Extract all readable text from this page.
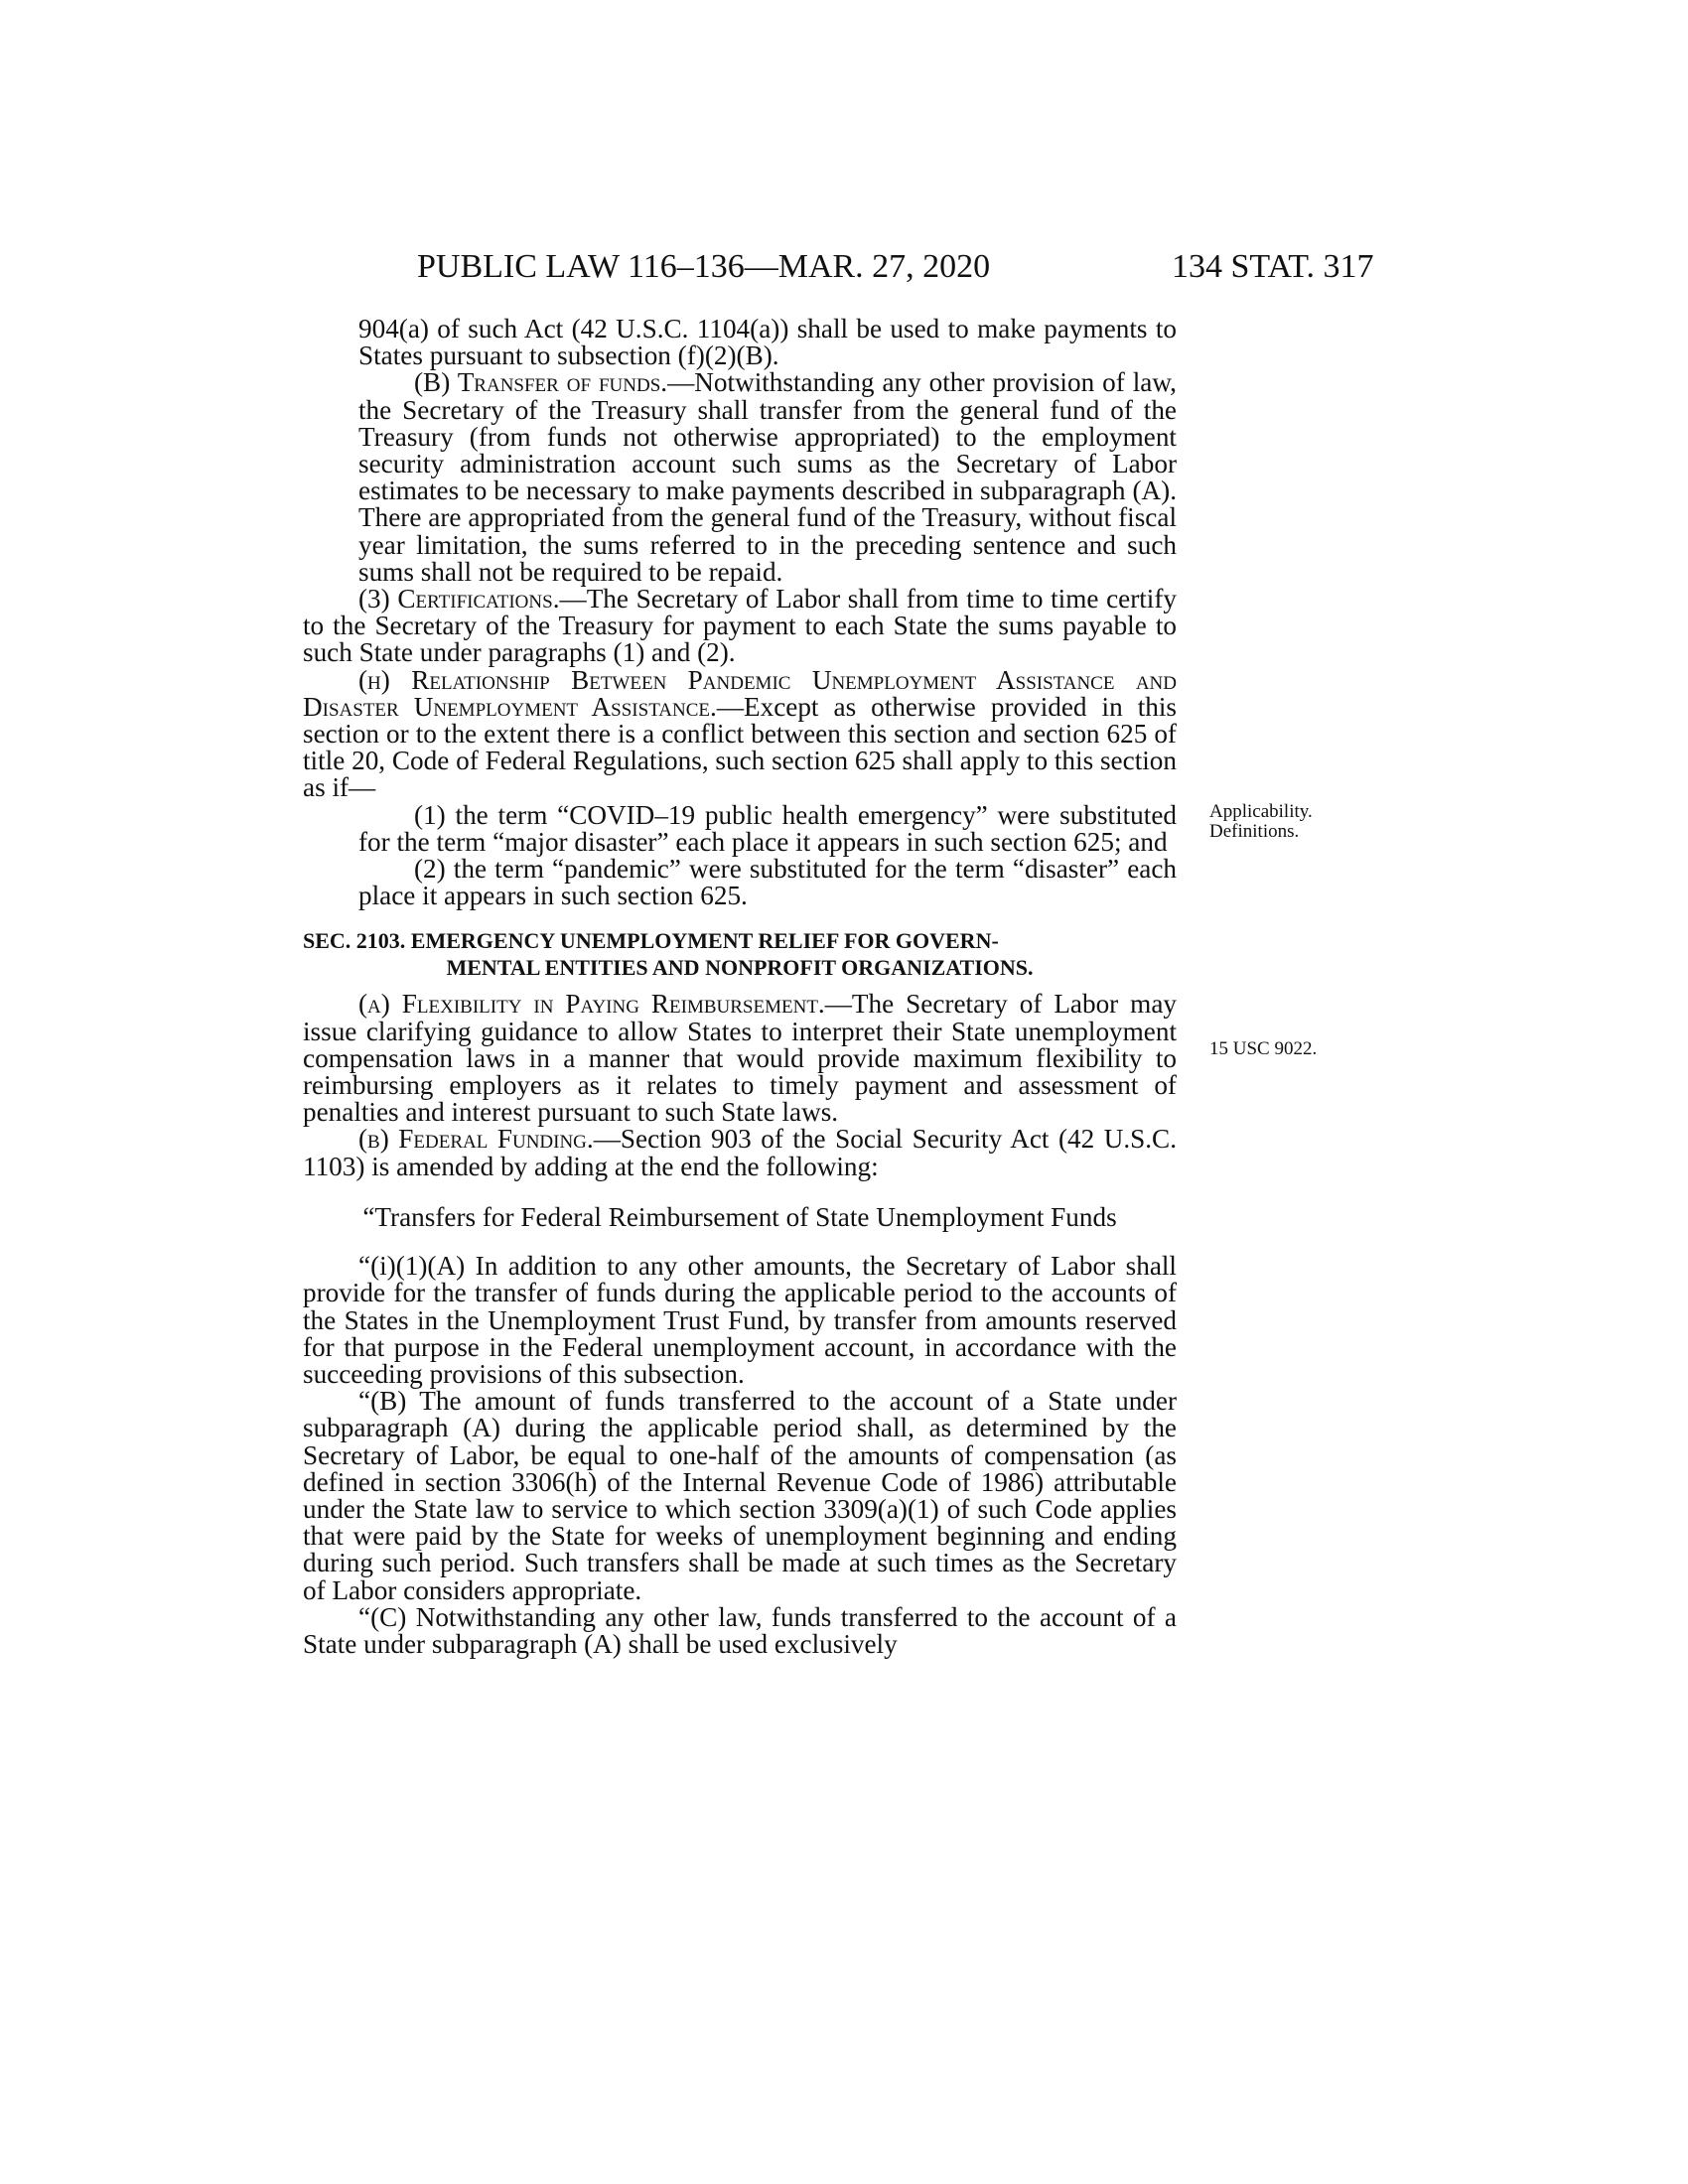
PUBLIC LAW 116–136—MAR. 27, 2020	134 STAT. 317

904(a) of such Act (42 U.S.C. 1104(a)) shall be used to make payments to States pursuant to subsection (f)(2)(B).

(B) Transfer of funds.—Notwithstanding any other provision of law, the Secretary of the Treasury shall transfer from the general fund of the Treasury (from funds not otherwise appropriated) to the employment security administration account such sums as the Secretary of Labor estimates to be necessary to make payments described in subparagraph (A). There are appropriated from the general fund of the Treasury, without fiscal year limitation, the sums referred to in the preceding sentence and such sums shall not be required to be repaid.

(3) Certifications.—The Secretary of Labor shall from time to time certify to the Secretary of the Treasury for payment to each State the sums payable to such State under paragraphs (1) and (2).

(h) Relationship Between Pandemic Unemployment Assistance and Disaster Unemployment Assistance.—Except as otherwise provided in this section or to the extent there is a conflict between this section and section 625 of title 20, Code of Federal Regulations, such section 625 shall apply to this section as if—

(1) the term “COVID–19 public health emergency” were substituted for the term “major disaster” each place it appears in such section 625; and

(2) the term “pandemic” were substituted for the term “disaster” each place it appears in such section 625.

SEC. 2103. EMERGENCY UNEMPLOYMENT RELIEF FOR GOVERN-
MENTAL ENTITIES AND NONPROFIT ORGANIZATIONS.

(a) Flexibility in Paying Reimbursement.—The Secretary of Labor may issue clarifying guidance to allow States to interpret their State unemployment compensation laws in a manner that would provide maximum flexibility to reimbursing employers as it relates to timely payment and assessment of penalties and interest pursuant to such State laws.

(b) Federal Funding.—Section 903 of the Social Security Act (42 U.S.C. 1103) is amended by adding at the end the following:

“Transfers for Federal Reimbursement of State Unemployment Funds

“(i)(1)(A) In addition to any other amounts, the Secretary of Labor shall provide for the transfer of funds during the applicable period to the accounts of the States in the Unemployment Trust Fund, by transfer from amounts reserved for that purpose in the Federal unemployment account, in accordance with the succeeding provisions of this subsection.

“(B) The amount of funds transferred to the account of a State under subparagraph (A) during the applicable period shall, as determined by the Secretary of Labor, be equal to one-half of the amounts of compensation (as defined in section 3306(h) of the Internal Revenue Code of 1986) attributable under the State law to service to which section 3309(a)(1) of such Code applies that were paid by the State for weeks of unemployment beginning and ending during such period. Such transfers shall be made at such times as the Secretary of Labor considers appropriate.

“(C) Notwithstanding any other law, funds transferred to the account of a State under subparagraph (A) shall be used exclusively

Applicability.
Definitions.
15 USC 9022.
